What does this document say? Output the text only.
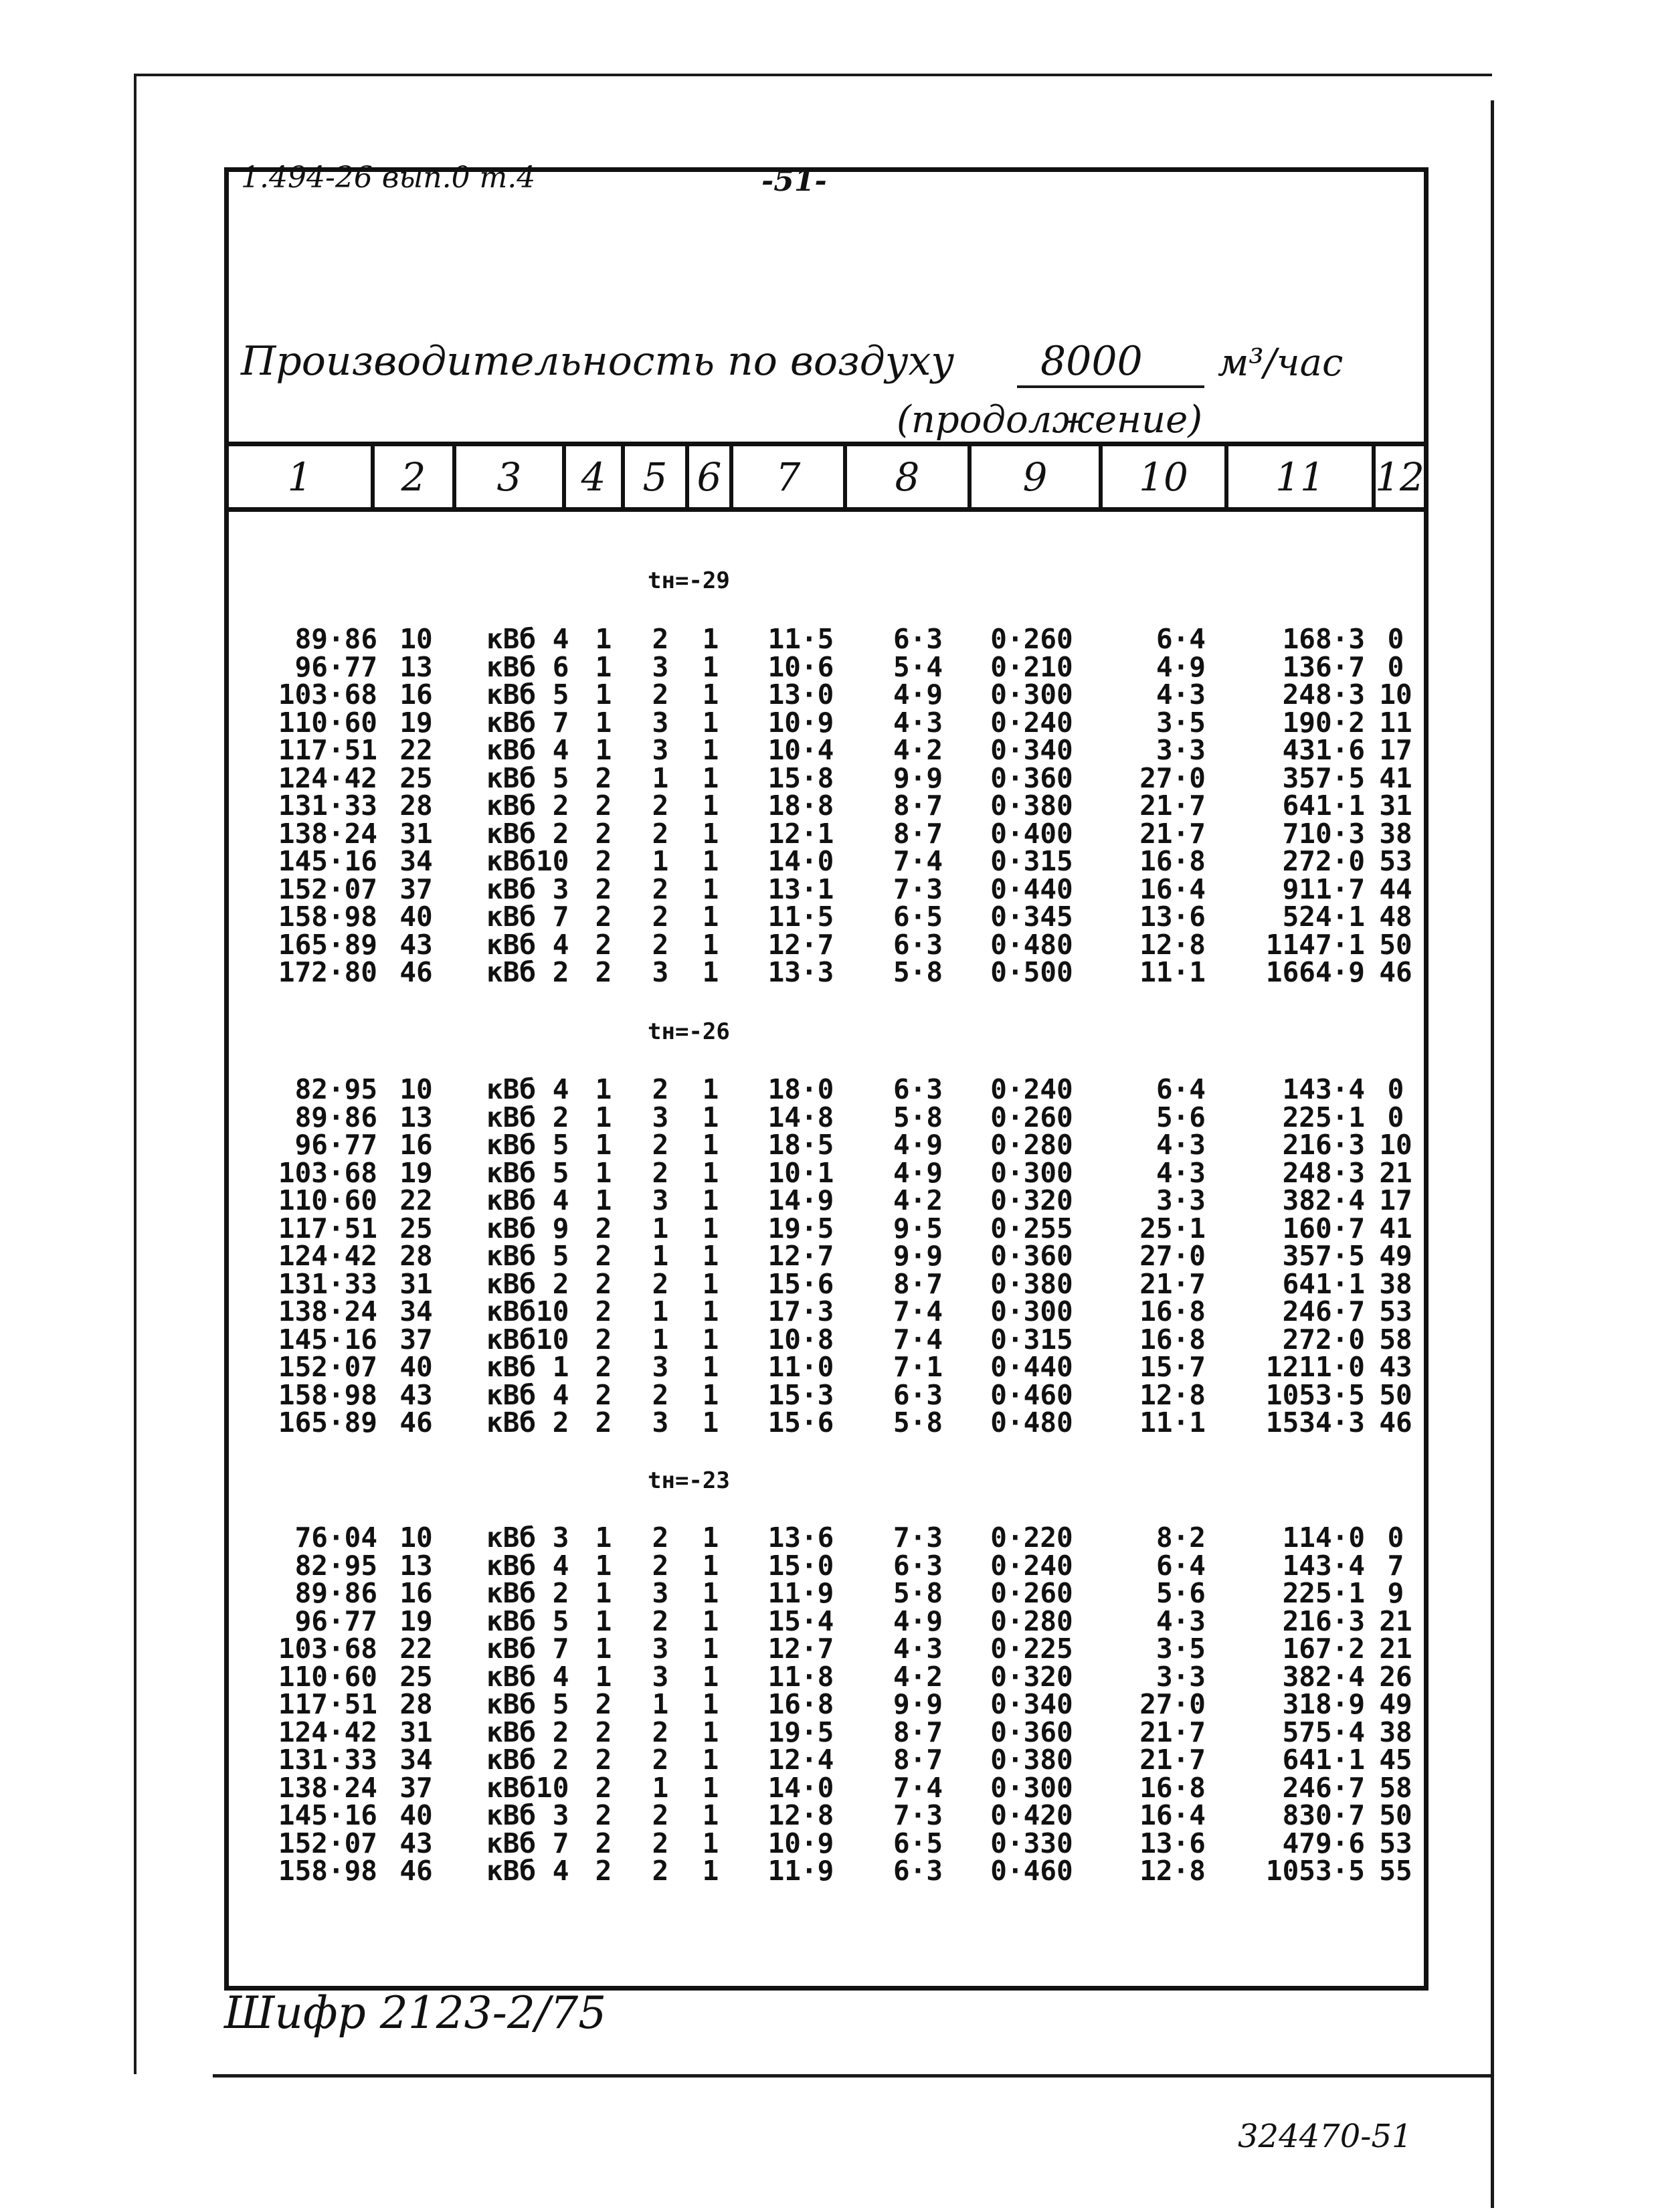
1.494-26 вып.0 т.4	-51-
Производительность по воздуху 8000 м³/час
(продолжение)
1	2	3	4 5 6	7	8	9	10	11	12
tн=-29
tн=-26
tн=-23
89·86 10	кВб 4 1	2	1	11·5	6·3	0·260	6·4	168·3 0
96·77 13	кВб 6 1	3	1	10·6	5·4	0·210	4·9	136·7 0
103·68 16	кВб 5 1	2	1	13·0	4·9	0·300	4·3	248·3 10
110·60 19	кВб 7 1	3	1	10·9	4·3	0·240	3·5	190·2 11
117·51 22	кВб 4 1	3	1	10·4	4·2	0·340	3·3	431·6 17
124·42 25	кВб 5 2	1	1	15·8	9·9	0·360	27·0	357·5 41
131·33 28	кВб 2 2	2	1	18·8	8·7	0·380	21·7	641·1 31
138·24 31	кВб 2 2	2	1	12·1	8·7	0·400	21·7	710·3 38
145·16 34	кВб10 2	1	1	14·0	7·4	0·315	16·8	272·0 53
152·07 37	кВб 3 2	2	1	13·1	7·3	0·440	16·4	911·7 44
158·98 40	кВб 7 2	2	1	11·5	6·5	0·345	13·6	524·1 48
165·89 43	кВб 4 2	2	1	12·7	6·3	0·480	12·8	1147·1 50
172·80 46	кВб 2 2	3	1	13·3	5·8	0·500	11·1	1664·9 46
82·95 10	кВб 4 1	2	1	18·0	6·3	0·240	6·4	143·4 0
89·86 13	кВб 2 1	3	1	14·8	5·8	0·260	5·6	225·1 0
96·77 16	кВб 5 1	2	1	18·5	4·9	0·280	4·3	216·3 10
103·68 19	кВб 5 1	2	1	10·1	4·9	0·300	4·3	248·3 21
110·60 22	кВб 4 1	3	1	14·9	4·2	0·320	3·3	382·4 17
117·51 25	кВб 9 2	1	1	19·5	9·5	0·255	25·1	160·7 41
124·42 28	кВб 5 2	1	1	12·7	9·9	0·360	27·0	357·5 49
131·33 31	кВб 2 2	2	1	15·6	8·7	0·380	21·7	641·1 38
138·24 34	кВб10 2	1	1	17·3	7·4	0·300	16·8	246·7 53
145·16 37	кВб10 2	1	1	10·8	7·4	0·315	16·8	272·0 58
152·07 40	кВб 1 2	3	1	11·0	7·1	0·440	15·7	1211·0 43
158·98 43	кВб 4 2	2	1	15·3	6·3	0·460	12·8	1053·5 50
165·89 46	кВб 2 2	3	1	15·6	5·8	0·480	11·1	1534·3 46
76·04 10	кВб 3 1	2	1	13·6	7·3	0·220	8·2	114·0 0
82·95 13	кВб 4 1	2	1	15·0	6·3	0·240	6·4	143·4 7
89·86 16	кВб 2 1	3	1	11·9	5·8	0·260	5·6	225·1 9
96·77 19	кВб 5 1	2	1	15·4	4·9	0·280	4·3	216·3 21
103·68 22	кВб 7 1	3	1	12·7	4·3	0·225	3·5	167·2 21
110·60 25	кВб 4 1	3	1	11·8	4·2	0·320	3·3	382·4 26
117·51 28	кВб 5 2	1	1	16·8	9·9	0·340	27·0	318·9 49
124·42 31	кВб 2 2	2	1	19·5	8·7	0·360	21·7	575·4 38
131·33 34	кВб 2 2	2	1	12·4	8·7	0·380	21·7	641·1 45
138·24 37	кВб10 2	1	1	14·0	7·4	0·300	16·8	246·7 58
145·16 40	кВб 3 2	2	1	12·8	7·3	0·420	16·4	830·7 50
152·07 43	кВб 7 2	2	1	10·9	6·5	0·330	13·6	479·6 53
158·98 46	кВб 4 2	2	1	11·9	6·3	0·460	12·8	1053·5 55
Шифр 2123-2/75
324470-51
